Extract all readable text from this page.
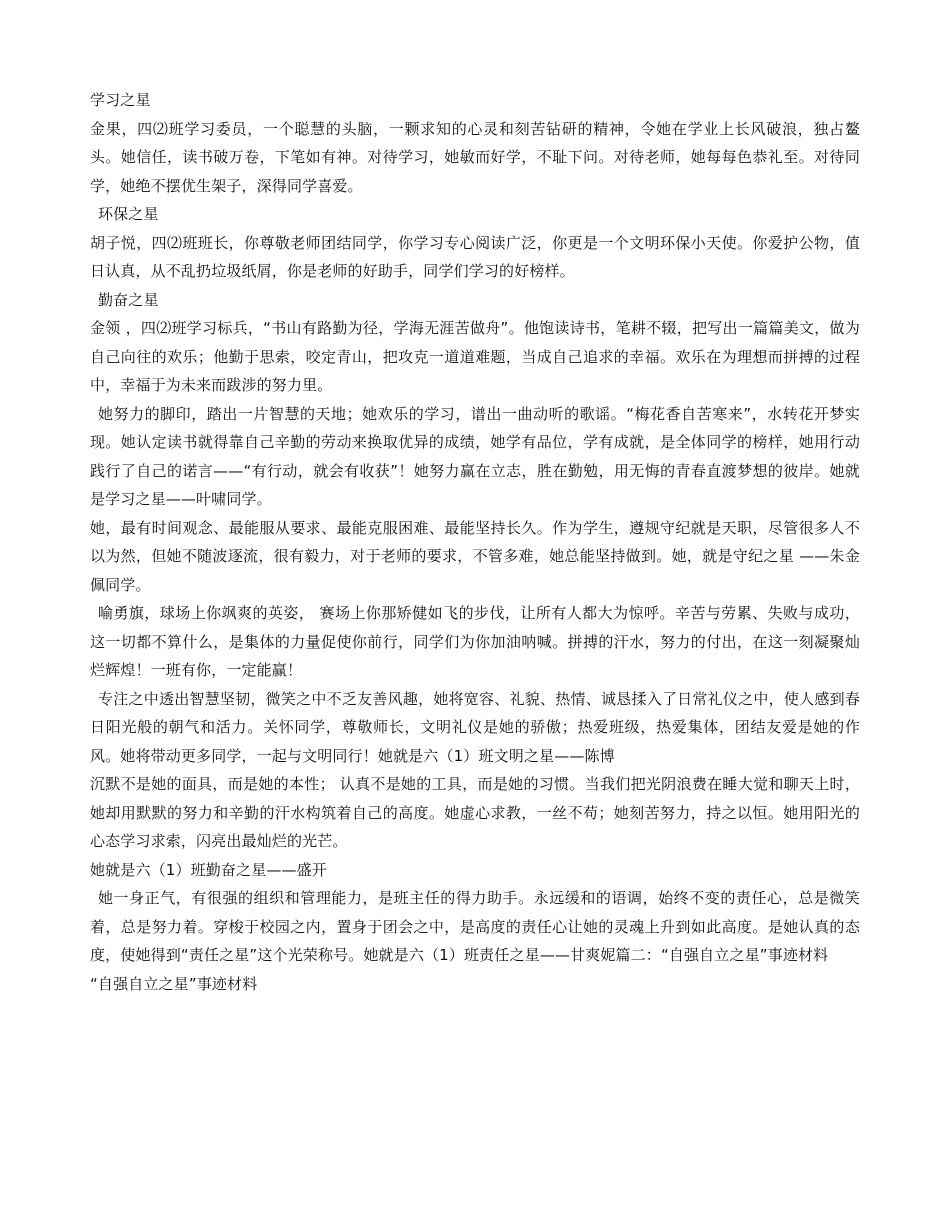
学习之星

金果，四⑵班学习委员，一个聪慧的头脑，一颗求知的心灵和刻苦钻研的精神，令她在学业上长风破浪，独占鳌头。她信任，读书破万卷，下笔如有神。对待学习，她敏而好学，不耻下问。对待老师，她每每色恭礼至。对待同学，她绝不摆优生架子，深得同学喜爱。

环保之星

胡子悦，四⑵班班长，你尊敬老师团结同学，你学习专心阅读广泛，你更是一个文明环保小天使。你爱护公物，值日认真，从不乱扔垃圾纸屑，你是老师的好助手，同学们学习的好榜样。

勤奋之星

金领 ，四⑵班学习标兵，“书山有路勤为径，学海无涯苦做舟”。他饱读诗书，笔耕不辍，把写出一篇篇美文，做为自己向往的欢乐；他勤于思索，咬定青山，把攻克一道道难题，当成自己追求的幸福。欢乐在为理想而拼搏的过程中，幸福于为未来而跋涉的努力里。

她努力的脚印，踏出一片智慧的天地；她欢乐的学习，谱出一曲动听的歌谣。“梅花香自苦寒来”，水转花开梦实现。她认定读书就得靠自己辛勤的劳动来换取优异的成绩，她学有品位，学有成就，是全体同学的榜样，她用行动践行了自己的诺言——“有行动，就会有收获”！她努力赢在立志，胜在勤勉，用无悔的青春直渡梦想的彼岸。她就是学习之星——叶啸同学。

她，最有时间观念、最能服从要求、最能克服困难、最能坚持长久。作为学生，遵规守纪就是天职，尽管很多人不以为然，但她不随波逐流，很有毅力，对于老师的要求，不管多难，她总能坚持做到。她，就是守纪之星 ——朱金佩同学。

喻勇旗，球场上你飒爽的英姿， 赛场上你那矫健如飞的步伐，让所有人都大为惊呼。辛苦与劳累、失败与成功，这一切都不算什么，是集体的力量促使你前行，同学们为你加油呐喊。拼搏的汗水，努力的付出，在这一刻凝聚灿烂辉煌！一班有你，一定能赢！

专注之中透出智慧坚韧，微笑之中不乏友善风趣，她将宽容、礼貌、热情、诚恳揉入了日常礼仪之中，使人感到春日阳光般的朝气和活力。关怀同学，尊敬师长，文明礼仪是她的骄傲；热爱班级，热爱集体，团结友爱是她的作风。她将带动更多同学，一起与文明同行！她就是六（1）班文明之星——陈博

沉默不是她的面具，而是她的本性； 认真不是她的工具，而是她的习惯。当我们把光阴浪费在睡大觉和聊天上时，她却用默默的努力和辛勤的汗水构筑着自己的高度。她虚心求教，一丝不苟；她刻苦努力，持之以恒。她用阳光的心态学习求索，闪亮出最灿烂的光芒。

她就是六（1）班勤奋之星——盛开

她一身正气，有很强的组织和管理能力，是班主任的得力助手。永远缓和的语调，始终不变的责任心，总是微笑着，总是努力着。穿梭于校园之内，置身于团会之中，是高度的责任心让她的灵魂上升到如此高度。是她认真的态度，使她得到“责任之星”这个光荣称号。她就是六（1）班责任之星——甘爽妮篇二：“自强自立之星”事迹材料

“自强自立之星”事迹材料
